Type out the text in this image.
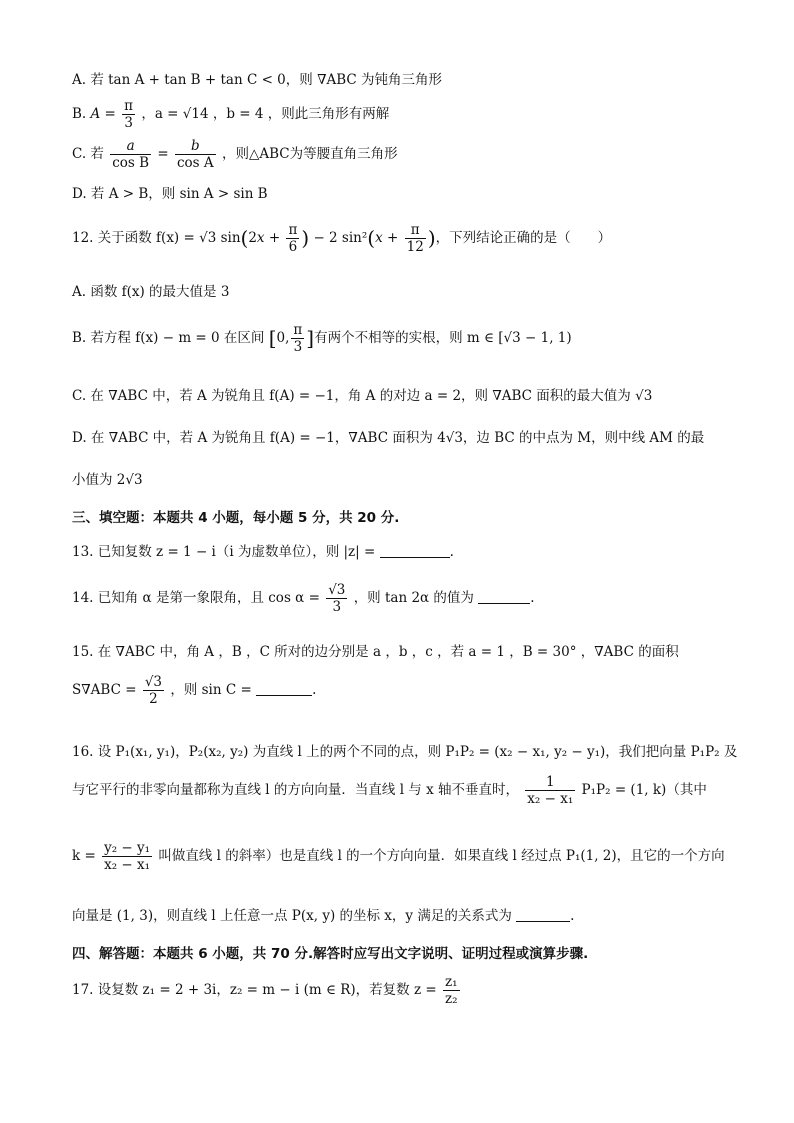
A. 若 tan A + tan B + tan C < 0，则 ∇ABC 为钝角三角形
B. $A = \frac{\pi}{3}$ ，a = √14 ，b = 4 ，则此三角形有两解
C. 若 $\frac{a}{\text{cos B}} = \frac{b}{\text{cos A}}$ ，则△ABC为等腰直角三角形
D. 若 A > B，则 sin A > sin B
12. 关于函数 f(x) = √3 $\sin(2x + \frac{\pi}{6}$ ) − 2 $\sin^2(x + \frac{\pi}{12}$ )，下列结论正确的是（　　）
A. 函数 f(x) 的最大值是 3
B. 若方程 f(x) − m = 0 在区间 [0, $\frac{\pi}{3}$ ]有两个不相等的实根，则 m ∈ [√3 − 1, 1)
C. 在 ∇ABC 中，若 A 为锐角且 f(A) = −1，角 A 的对边 a = 2，则 ∇ABC 面积的最大值为 √3
D. 在 ∇ABC 中，若 A 为锐角且 f(A) = −1，∇ABC 面积为 4√3，边 BC 的中点为 M，则中线 AM 的最
小值为 2√3
三、填空题：本题共 4 小题，每小题 5 分，共 20 分.
13. 已知复数 z = 1 − i（i 为虚数单位），则 |z| =	.
14. 已知角 α 是第一象限角，且 $\cos \alpha = \frac{√3}{3}$ ，则 tan 2α 的值为	.
15. 在 ∇ABC 中，角 A ，B ，C 所对的边分别是 a ，b ，c ，若 a = 1 ，B = 30° ，∇ABC 的面积
$S\nabla ABC = \frac{√3}{2}$ ，则 sin C =	.
16. 设 P₁(x₁, y₁)，P₂(x₂, y₂) 为直线 l 上的两个不同的点，则 P₁P₂ = (x₂ − x₁, y₂ − y₁)，我们把向量 P₁P₂ 及
与它平行的非零向量都称为直线 l 的方向向量．当直线 l 与 x 轴不垂直时， $\frac{1}{\text{x₂ − x₁}} P_1P_2 = (1$, k)（其中
$k = \frac{\text{y₂ − y₁}}{\text{x₂ − x₁}}$ 叫做直线 l 的斜率）也是直线 l 的一个方向向量．如果直线 l 经过点 P₁(1, 2)，且它的一个方向
向量是 (1, 3)，则直线 l 上任意一点 P(x, y) 的坐标 x，y 满足的关系式为	.
四、解答题：本题共 6 小题，共 70 分.解答时应写出文字说明、证明过程或演算步骤.
17. 设复数 z₁ = 2 + 3i，z₂ = m − i (m ∈ R)，若复数 $z = \frac{\text{z₁}}{\text{z₂}}$
